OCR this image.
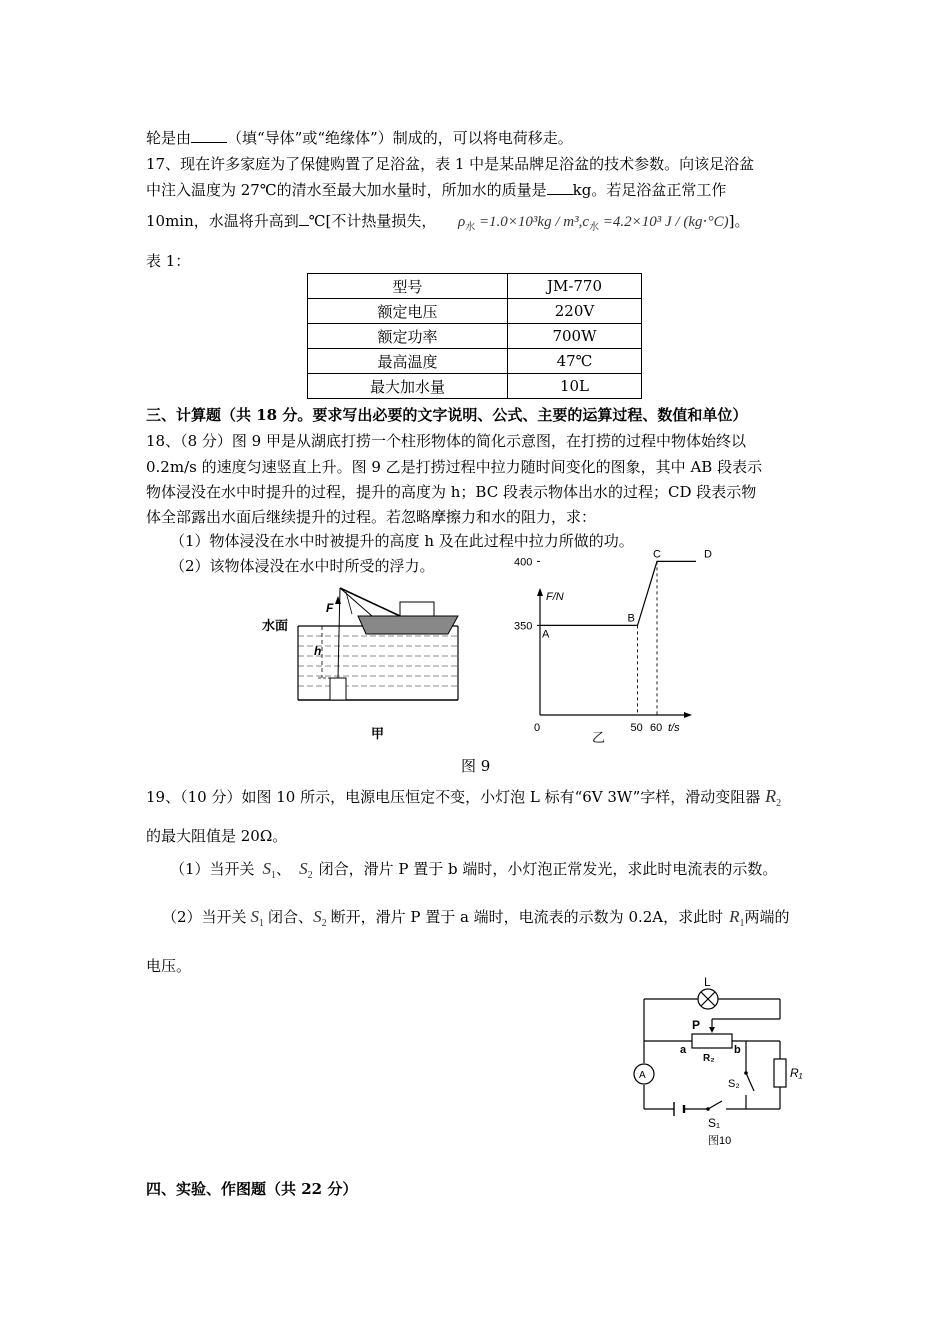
轮是由 （填“导体”或“绝缘体”）制成的，可以将电荷移走。
17、现在许多家庭为了保健购置了足浴盆，表 1 中是某品牌足浴盆的技术参数。向该足浴盆
中注入温度为 27℃的清水至最大加水量时，所加水的质量是 kg。若足浴盆正常工作
10min，水温将升高到 ℃[不计热量损失， $\rho_水 =1.0\times 10^3kg / m^3,c_水 =4.2\times 10^3$ J / (kg⋅°C)]。
表 1：
型号	JM-770
额定电压	220V
额定功率	700W
最高温度	47℃
最大加水量	10L
三、计算题（共 18 分。要求写出必要的文字说明、公式、主要的运算过程、数值和单位）
18、（8 分）图 9 甲是从湖底打捞一个柱形物体的简化示意图，在打捞的过程中物体始终以
0.2m/s 的速度匀速竖直上升。图 9 乙是打捞过程中拉力随时间变化的图象，其中 AB 段表示
物体浸没在水中时提升的过程，提升的高度为 h；BC 段表示物体出水的过程；CD 段表示物
体全部露出水面后继续提升的过程。若忽略摩擦力和水的阻力，求：
（1）物体浸没在水中时被提升的高度 h 及在此过程中拉力所做的功。
（2）该物体浸没在水中时所受的浮力。
水面
F
h
甲
F/N
t/s
0
350
400
50 60
A
B
C	D
乙
图 9
19、（10 分）如图 10 所示，电源电压恒定不变，小灯泡 L 标有“6V 3W”字样，滑动变阻器 $R_2$
的最大阻值是 20Ω。
（1）当开关 $S_1$、 $S_2$ 闭合，滑片 P 置于 b 端时，小灯泡正常发光，求此时电流表的示数。
（2）当开关 $S_1$ 闭合、$S_2$ 断开，滑片 P 置于 a 端时，电流表的示数为 0.2A，求此时 $R_1$两端的
电压。
L
P
a	b
R₂
R₁
S₂
A
S₁
图10
四、实验、作图题（共 22 分）
